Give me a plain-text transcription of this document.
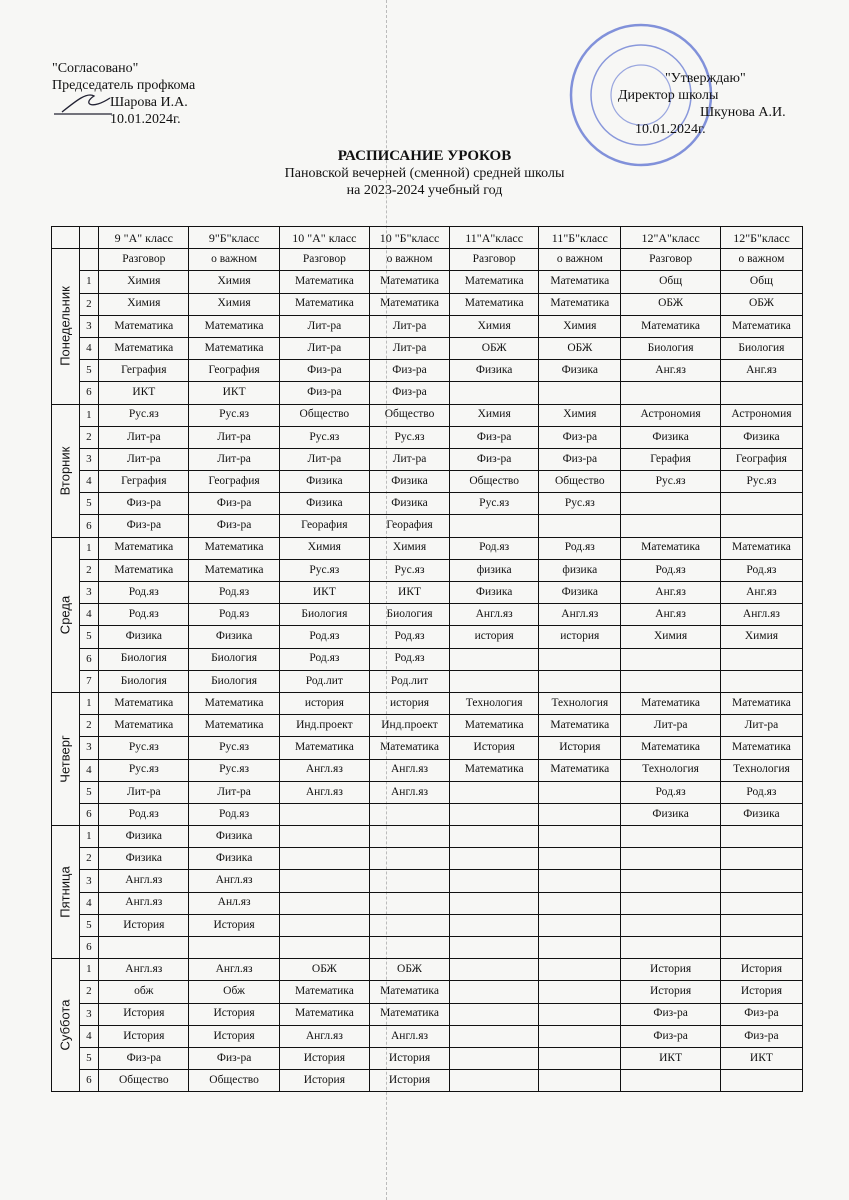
"Согласовано"
Председатель профкома
Шарова И.А.
10.01.2024г.
"Утверждаю"
Директор школы
Шкунова А.И.
10.01.2024г.
РАСПИСАНИЕ УРОКОВ
Пановской вечерней (сменной) средней школы
на 2023-2024 учебный год
		9 "А" класс	9"Б"класс	10 "А" класс	10 "Б"класс	11"А"класс	11"Б"класс	12"А"класс	12"Б"класс

Понедельник		Разговор	о важном	Разговор	о важном	Разговор	о важном	Разговор	о важном
	1	Химия	Химия	Математика	Математика	Математика	Математика	Общ	Общ
	2	Химия	Химия	Математика	Математика	Математика	Математика	ОБЖ	ОБЖ
	3	Математика	Математика	Лит-ра	Лит-ра	Химия	Химия	Математика	Математика
	4	Математика	Математика	Лит-ра	Лит-ра	ОБЖ	ОБЖ	Биология	Биология
	5	Геграфия	География	Физ-ра	Физ-ра	Физика	Физика	Анг.яз	Анг.яз
	6	ИКТ	ИКТ	Физ-ра	Физ-ра				

Вторник	1	Рус.яз	Рус.яз	Общество	Общество	Химия	Химия	Астрономия	Астрономия
	2	Лит-ра	Лит-ра	Рус.яз	Рус.яз	Физ-ра	Физ-ра	Физика	Физика
	3	Лит-ра	Лит-ра	Лит-ра	Лит-ра	Физ-ра	Физ-ра	Герафия	География
	4	Геграфия	География	Физика	Физика	Общество	Общество	Рус.яз	Рус.яз
	5	Физ-ра	Физ-ра	Физика	Физика	Рус.яз	Рус.яз		
	6	Физ-ра	Физ-ра	Георафия	Георафия				

Среда	1	Математика	Математика	Химия	Химия	Род.яз	Род.яз	Математика	Математика
	2	Математика	Математика	Рус.яз	Рус.яз	физика	физика	Род.яз	Род.яз
	3	Род.яз	Род.яз	ИКТ	ИКТ	Физика	Физика	Анг.яз	Анг.яз
	4	Род.яз	Род.яз	Биология	Биология	Англ.яз	Англ.яз	Анг.яз	Англ.яз
	5	Физика	Физика	Род.яз	Род.яз	история	история	Химия	Химия
	6	Биология	Биология	Род.яз	Род.яз				
	7	Биология	Биология	Род.лит	Род.лит				

Четверг	1	Математика	Математика	история	история	Технология	Технология	Математика	Математика
	2	Математика	Математика	Инд.проект	Инд.проект	Математика	Математика	Лит-ра	Лит-ра
	3	Рус.яз	Рус.яз	Математика	Математика	История	История	Математика	Математика
	4	Рус.яз	Рус.яз	Англ.яз	Англ.яз	Математика	Математика	Технология	Технология
	5	Лит-ра	Лит-ра	Англ.яз	Англ.яз			Род.яз	Род.яз
	6	Род.яз	Род.яз					Физика	Физика

Пятница	1	Физика	Физика						
	2	Физика	Физика						
	3	Англ.яз	Англ.яз						
	4	Англ.яз	Анл.яз						
	5	История	История						
	6								

Суббота	1	Англ.яз	Англ.яз	ОБЖ	ОБЖ			История	История
	2	обж	Обж	Математика	Математика			История	История
	3	История	История	Математика	Математика			Физ-ра	Физ-ра
	4	История	История	Англ.яз	Англ.яз			Физ-ра	Физ-ра
	5	Физ-ра	Физ-ра	История	История			ИКТ	ИКТ
	6	Общество	Общество	История	История				
